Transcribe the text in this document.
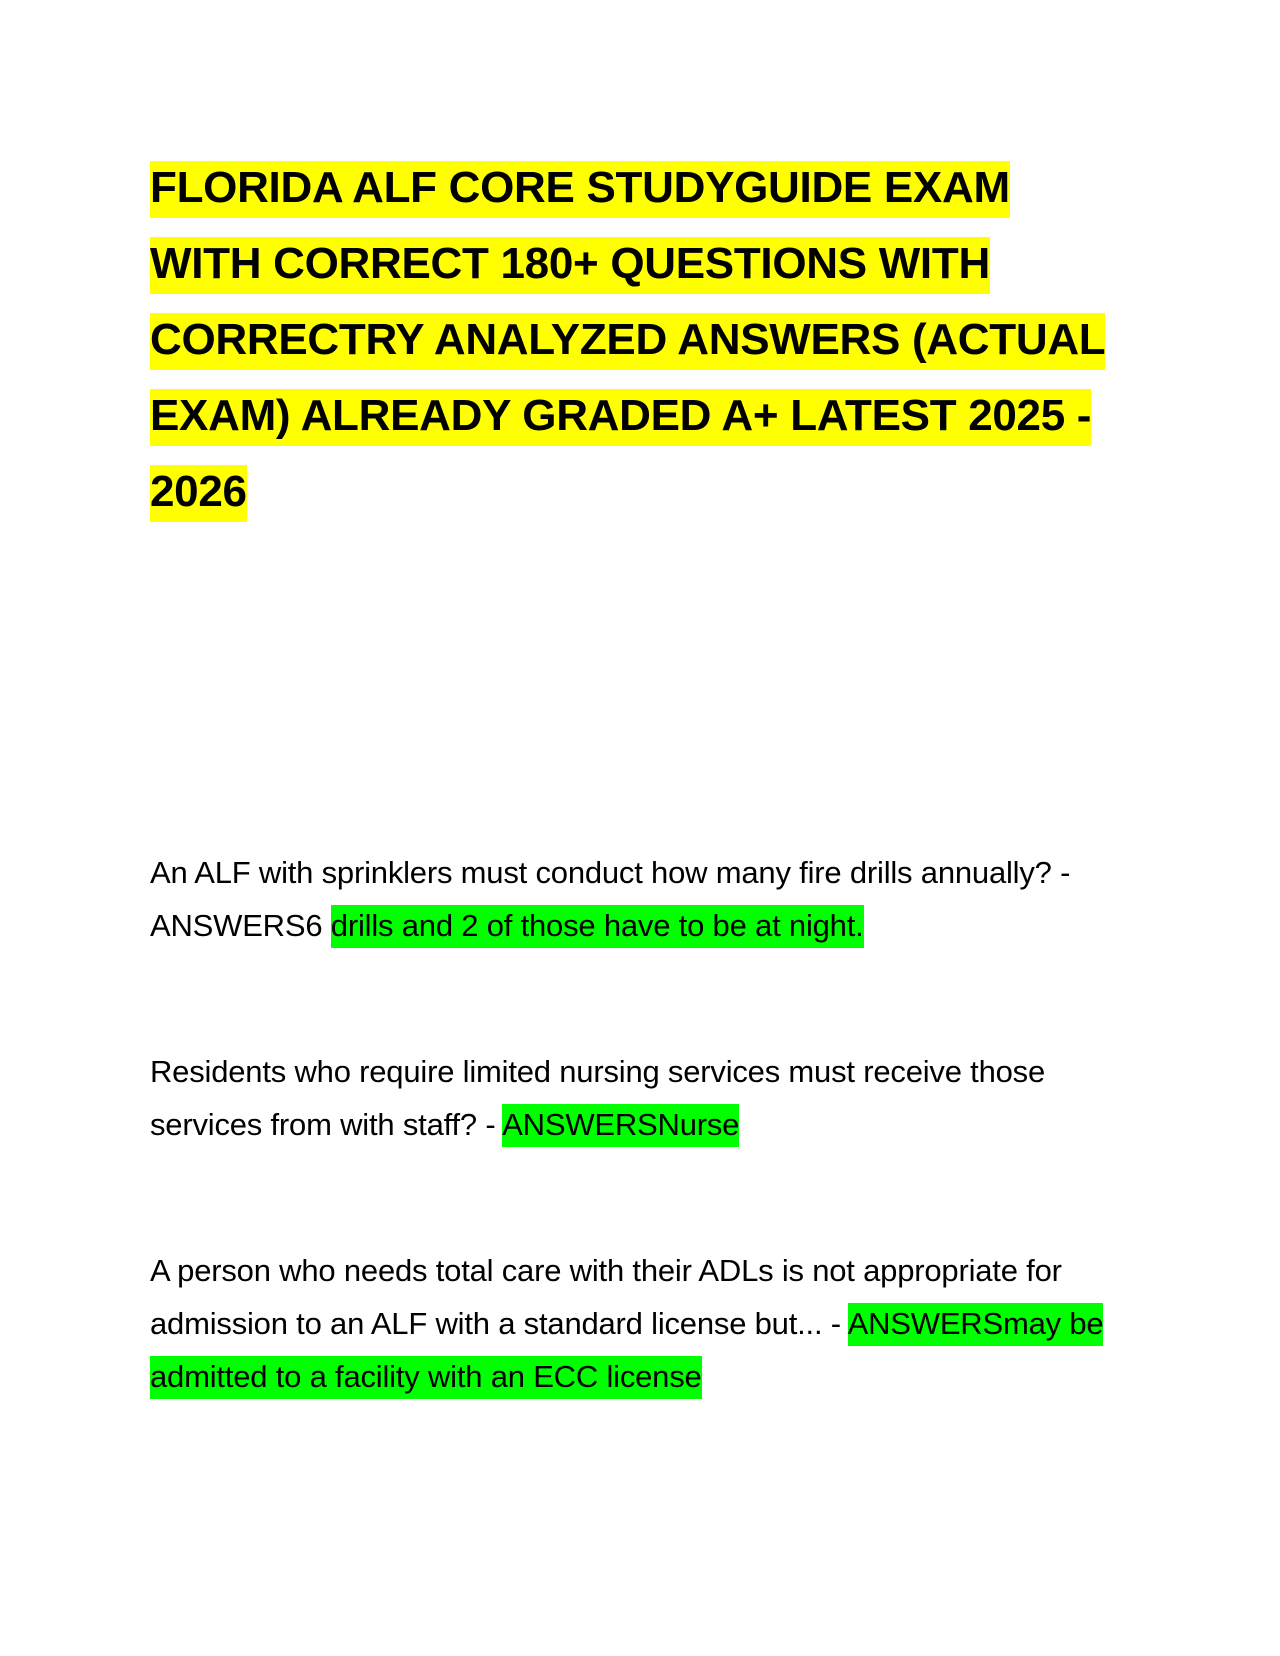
FLORIDA ALF CORE STUDYGUIDE EXAM WITH CORRECT 180+ QUESTIONS WITH CORRECTRY ANALYZED ANSWERS (ACTUAL EXAM) ALREADY GRADED A+ LATEST 2025 - 2026

An ALF with sprinklers must conduct how many fire drills annually? - ANSWERS6 drills and 2 of those have to be at night.

Residents who require limited nursing services must receive those services from with staff? - ANSWERSNurse

A person who needs total care with their ADLs is not appropriate for admission to an ALF with a standard license but... - ANSWERSmay be admitted to a facility with an ECC license
